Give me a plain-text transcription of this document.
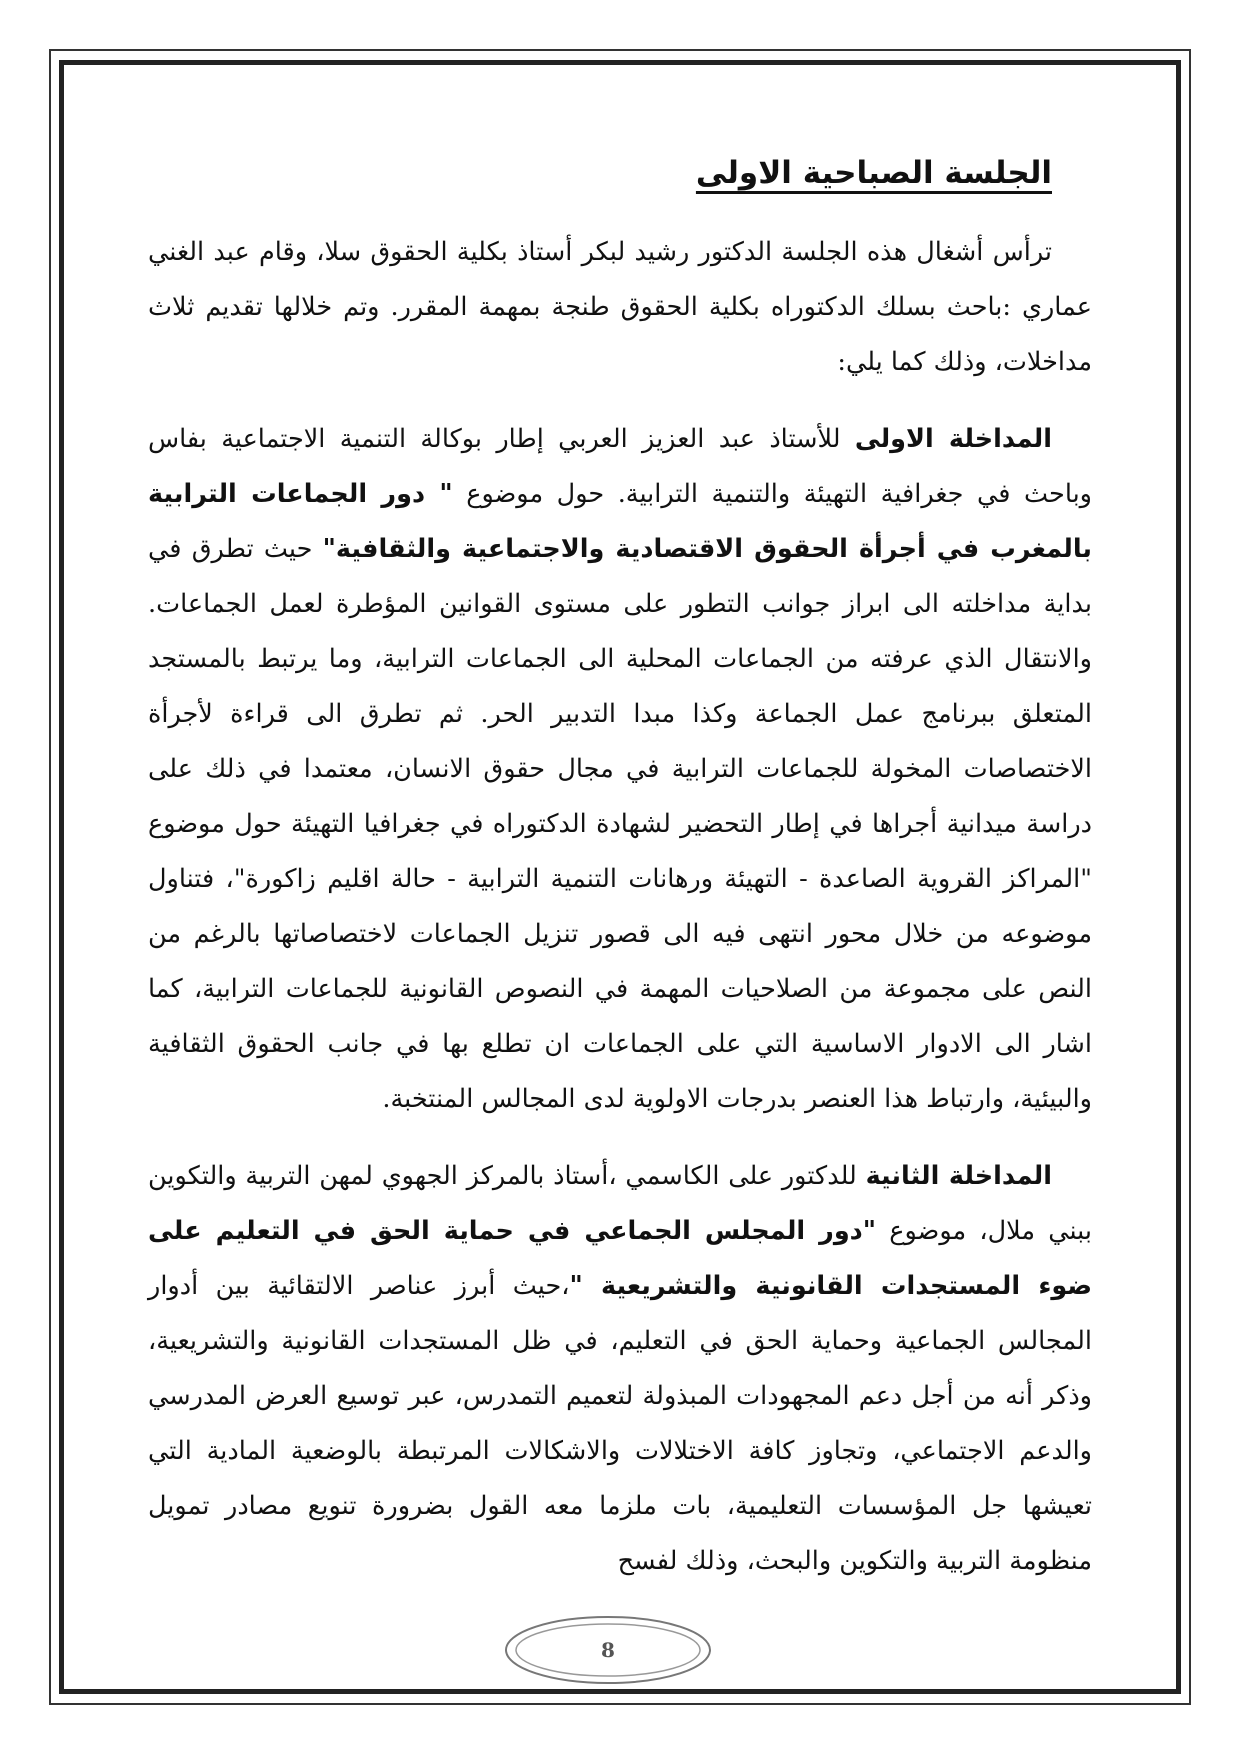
الجلسة الصباحية الاولى

ترأس أشغال هذه الجلسة الدكتور رشيد لبكر أستاذ بكلية الحقوق سلا، وقام عبد الغني عماري :باحث بسلك الدكتوراه بكلية الحقوق طنجة بمهمة المقرر. وتم خلالها تقديم ثلاث مداخلات، وذلك كما يلي:

المداخلة الاولى للأستاذ عبد العزيز العربي إطار بوكالة التنمية الاجتماعية بفاس وباحث في جغرافية التهيئة والتنمية الترابية. حول موضوع " دور الجماعات الترابية بالمغرب في أجرأة الحقوق الاقتصادية والاجتماعية والثقافية" حيث تطرق في بداية مداخلته الى ابراز جوانب التطور على مستوى القوانين المؤطرة لعمل الجماعات. والانتقال الذي عرفته من الجماعات المحلية الى الجماعات الترابية، وما يرتبط بالمستجد المتعلق ببرنامج عمل الجماعة وكذا مبدا التدبير الحر. ثم تطرق الى قراءة لأجرأة الاختصاصات المخولة للجماعات الترابية في مجال حقوق الانسان، معتمدا في ذلك على دراسة ميدانية أجراها في إطار التحضير لشهادة الدكتوراه في جغرافيا التهيئة حول موضوع "المراكز القروية الصاعدة - التهيئة ورهانات التنمية الترابية - حالة اقليم زاكورة"، فتناول موضوعه من خلال محور انتهى فيه الى قصور تنزيل الجماعات لاختصاصاتها بالرغم من النص على مجموعة من الصلاحيات المهمة في النصوص القانونية للجماعات الترابية، كما اشار الى الادوار الاساسية التي على الجماعات ان تطلع بها في جانب الحقوق الثقافية والبيئية، وارتباط هذا العنصر بدرجات الاولوية لدى المجالس المنتخبة.

المداخلة الثانية للدكتور على الكاسمي ،أستاذ بالمركز الجهوي لمهن التربية والتكوين ببني ملال، موضوع "دور المجلس الجماعي في حماية الحق في التعليم على ضوء المستجدات القانونية والتشريعية "،حيث أبرز عناصر الالتقائية بين أدوار المجالس الجماعية وحماية الحق في التعليم، في ظل المستجدات القانونية والتشريعية، وذكر أنه من أجل دعم المجهودات المبذولة لتعميم التمدرس، عبر توسيع العرض المدرسي والدعم الاجتماعي، وتجاوز كافة الاختلالات والاشكالات المرتبطة بالوضعية المادية التي تعيشها جل المؤسسات التعليمية، بات ملزما معه القول بضرورة تنويع مصادر تمويل منظومة التربية والتكوين والبحث، وذلك لفسح

8
